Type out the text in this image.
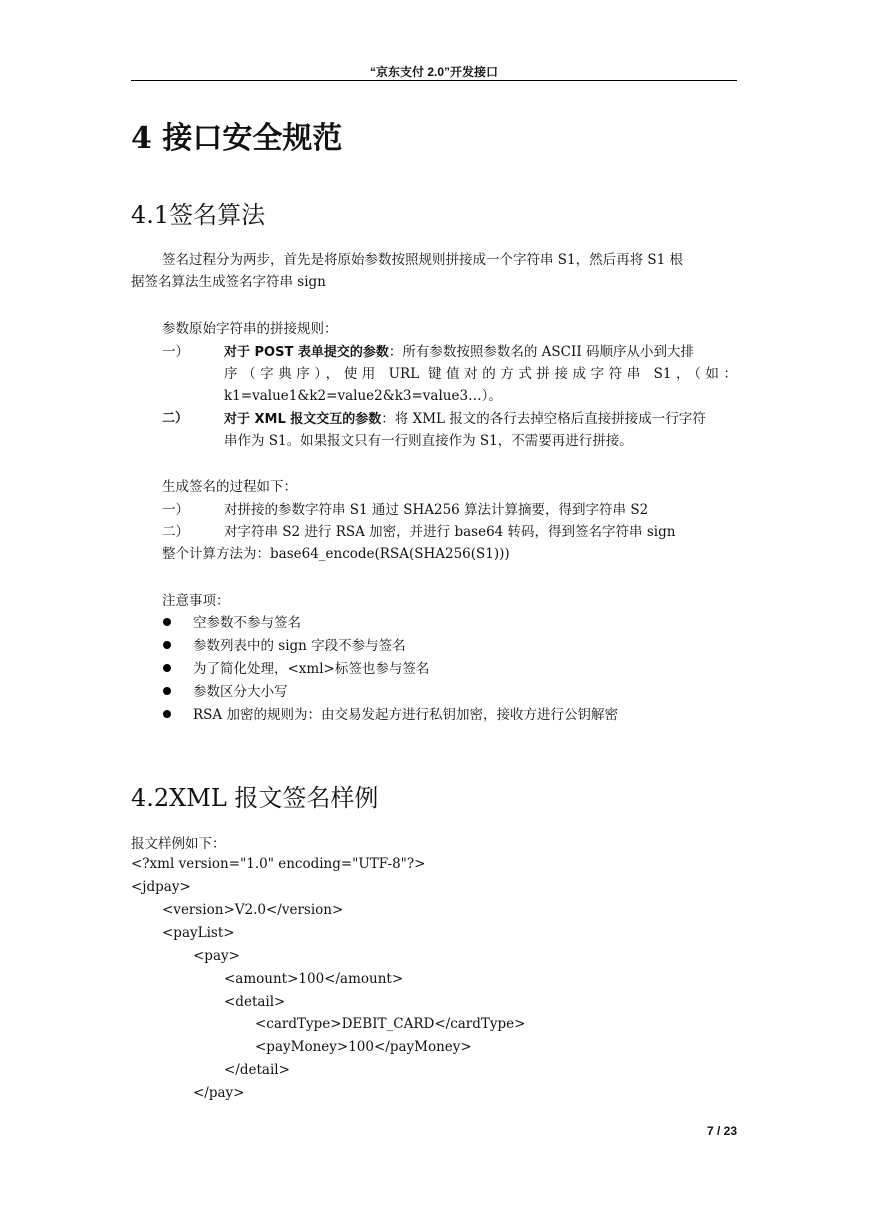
“京东支付 2.0”开发接口
4 接口安全规范
4.1签名算法
签名过程分为两步，首先是将原始参数按照规则拼接成一个字符串 S1，然后再将 S1 根
据签名算法生成签名字符串 sign
参数原始字符串的拼接规则：
一）	对于 POST 表单提交的参数：所有参数按照参数名的 ASCII 码顺序从小到大排
序（字典序），使用 URL 键值对的方式拼接成字符串 S1，（如：
k1=value1&k2=value2&k3=value3…）。
二）	对于 XML 报文交互的参数：将 XML 报文的各行去掉空格后直接拼接成一行字符
串作为 S1。如果报文只有一行则直接作为 S1，不需要再进行拼接。
生成签名的过程如下：
一）	对拼接的参数字符串 S1 通过 SHA256 算法计算摘要，得到字符串 S2
二）	对字符串 S2 进行 RSA 加密，并进行 base64 转码，得到签名字符串 sign
整个计算方法为：base64_encode(RSA(SHA256(S1)))
注意事项：
空参数不参与签名
参数列表中的 sign 字段不参与签名
为了简化处理，<xml>标签也参与签名
参数区分大小写
RSA 加密的规则为：由交易发起方进行私钥加密，接收方进行公钥解密
4.2XML 报文签名样例
报文样例如下：
<?xml version="1.0" encoding="UTF-8"?>
<jdpay>
<version>V2.0</version>
<payList>
<pay>
<amount>100</amount>
<detail>
<cardType>DEBIT_CARD</cardType>
<payMoney>100</payMoney>
</detail>
</pay>
7 / 23
